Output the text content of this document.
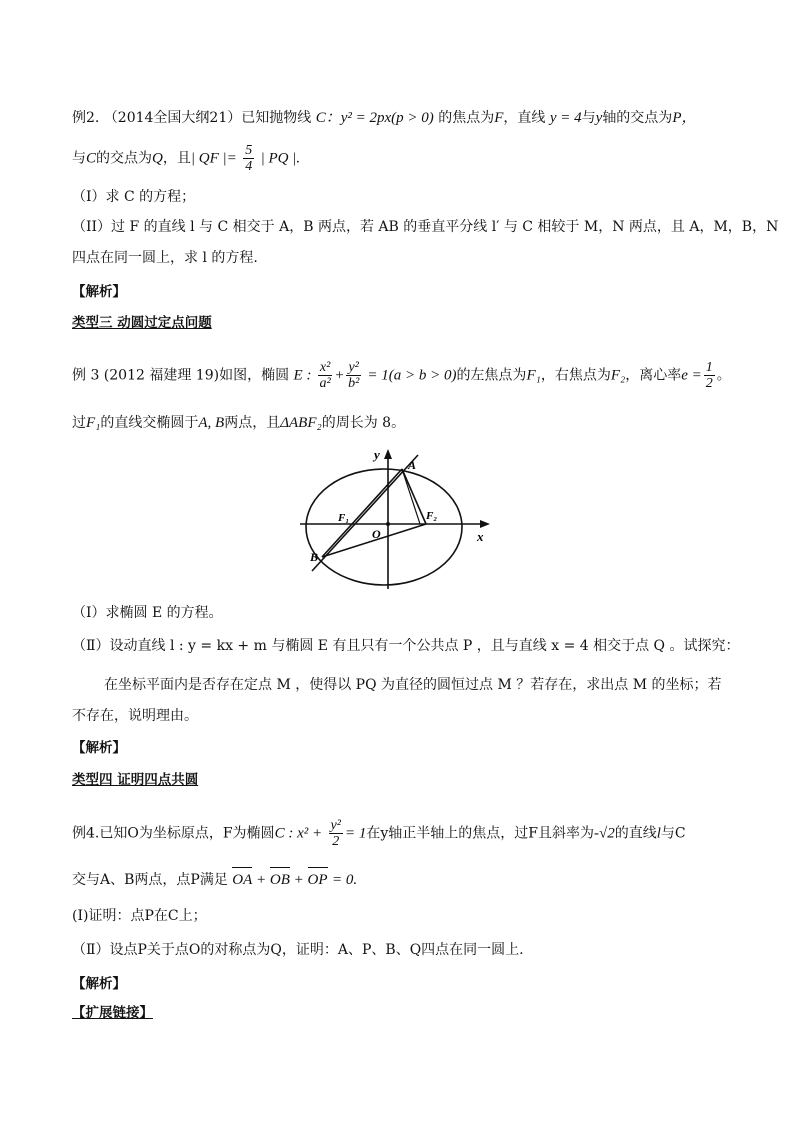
例2. （2014全国大纲21）已知抛物线 C：y² = 2px(p > 0) 的焦点为F，直线 y = 4与y轴的交点为P，
与C的交点为Q，且| QF |= $\frac{5}{4}$ | PQ |.
（I）求 C 的方程；
（II）过 F 的直线 l 与 C 相交于 A，B 两点，若 AB 的垂直平分线 l′ 与 C 相较于 M，N 两点，且 A，M，B，N
四点在同一圆上，求 l 的方程.
【解析】
类型三 动圆过定点问题
例 3 (2012 福建理 19)如图，椭圆 E : $\frac{\text{x²}}{\text{a²}} + \frac{\text{y²}}{\text{b²}} = 1(a > b > 0)$的左焦点为F₁，右焦点为F₂，离心率$e = \frac{1}{2}$ 。
过F₁的直线交椭圆于A, B两点，且ΔABF₂的周长为 8。
y
x
A
B
F₁	F₂
O
（Ⅰ）求椭圆 E 的方程。
（Ⅱ）设动直线 l : y = kx + m 与椭圆 E 有且只有一个公共点 P ，且与直线 x = 4 相交于点 Q 。试探究：
在坐标平面内是否存在定点 M ，使得以 PQ 为直径的圆恒过点 M ？若存在，求出点 M 的坐标；若
不存在，说明理由。
【解析】
类型四 证明四点共圆
例4.已知O为坐标原点，F为椭圆C : $x^2 + \frac{\text{y²}}{2} = 1$在y轴正半轴上的焦点，过F且斜率为-√2的直线l与C
交与A、B两点，点P满足 OA + OB + OP = 0.
(Ⅰ)证明：点P在C上；
（Ⅱ）设点P关于点O的对称点为Q，证明：A、P、B、Q四点在同一圆上.
【解析】
【扩展链接】
